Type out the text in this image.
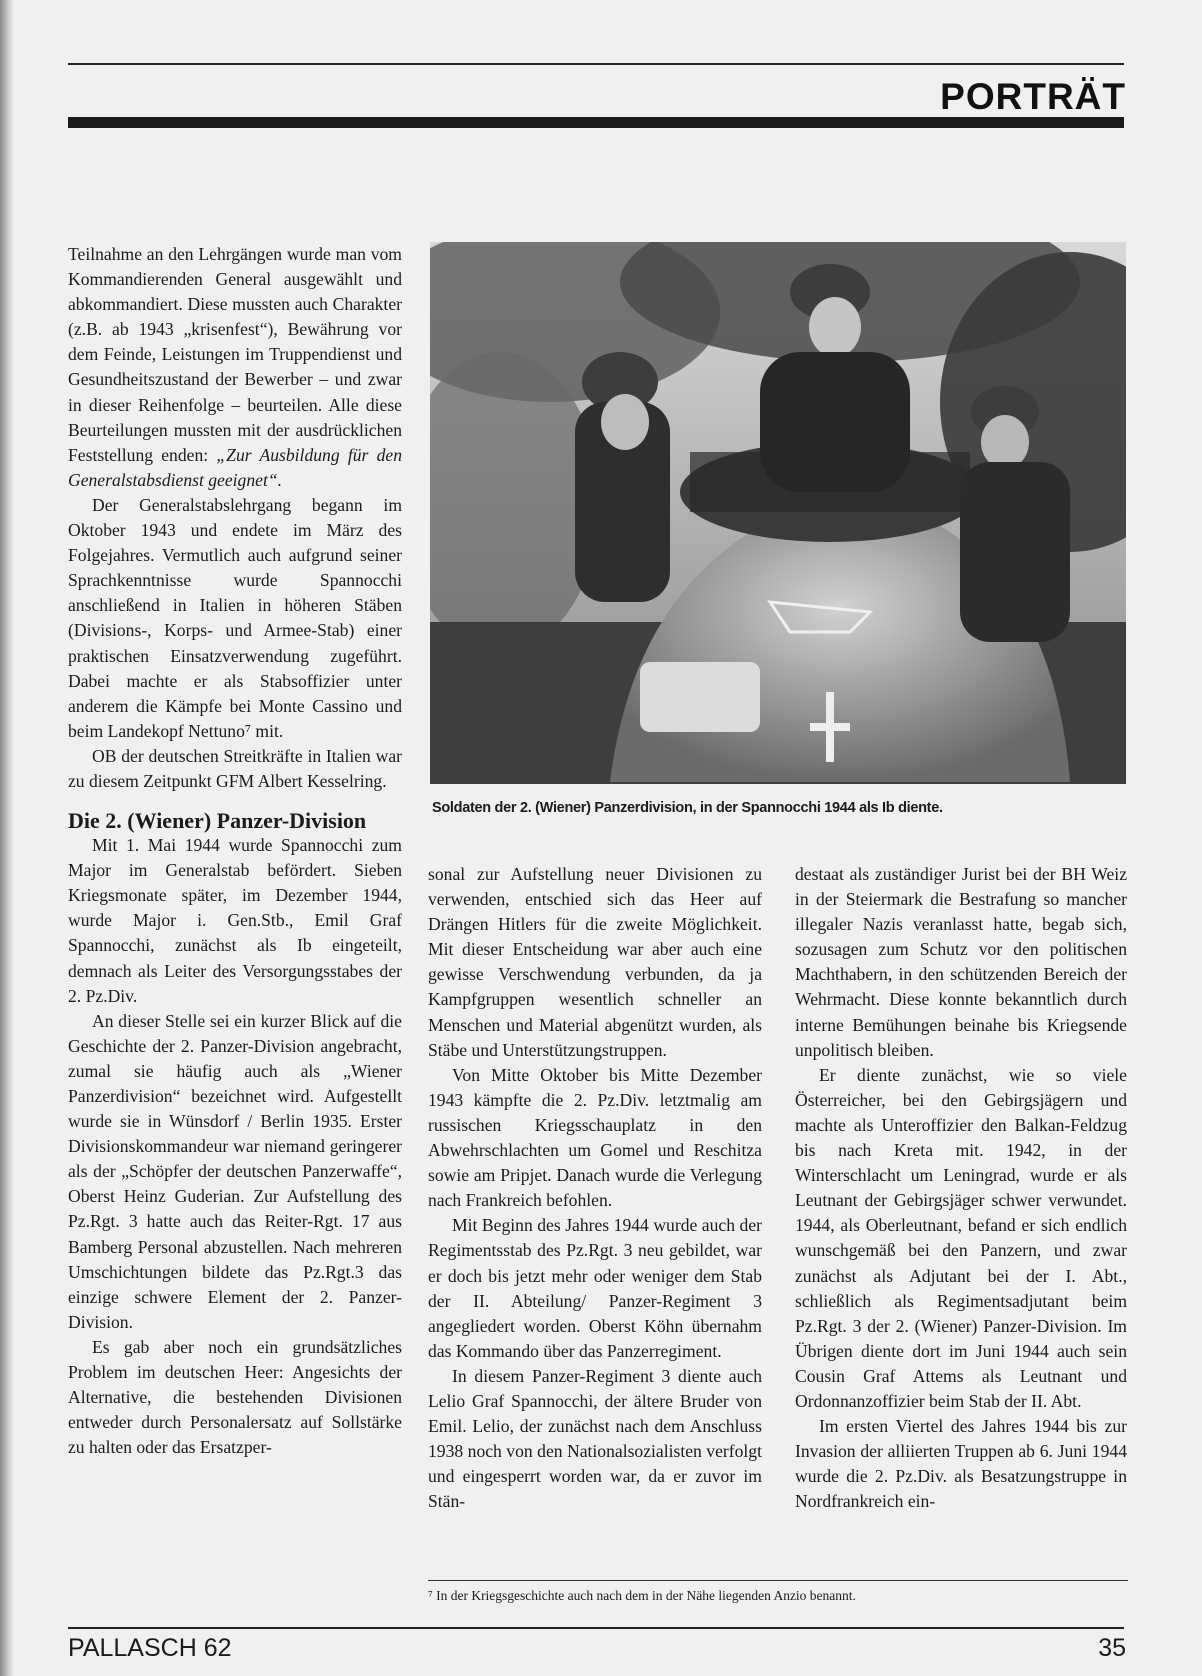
PORTRÄT

Teilnahme an den Lehrgängen wurde man vom Kommandierenden General ausgewählt und abkommandiert. Diese mussten auch Charakter (z.B. ab 1943 „krisenfest“), Bewährung vor dem Feinde, Leistungen im Truppendienst und Gesundheitszustand der Bewerber – und zwar in dieser Reihenfolge – beurteilen. Alle diese Beurteilungen mussten mit der ausdrücklichen Feststellung enden: „Zur Ausbildung für den Generalstabsdienst geeignet“.

Der Generalstabslehrgang begann im Oktober 1943 und endete im März des Folgejahres. Vermutlich auch aufgrund seiner Sprachkenntnisse wurde Spannocchi anschließend in Italien in höheren Stäben (Divisions-, Korps- und Armee-Stab) einer praktischen Einsatzverwendung zugeführt. Dabei machte er als Stabsoffizier unter anderem die Kämpfe bei Monte Cassino und beim Landekopf Nettuno⁷ mit.

OB der deutschen Streitkräfte in Italien war zu diesem Zeitpunkt GFM Albert Kesselring.

Die 2. (Wiener) Panzer-Division

Mit 1. Mai 1944 wurde Spannocchi zum Major im Generalstab befördert. Sieben Kriegsmonate später, im Dezember 1944, wurde Major i. Gen.Stb., Emil Graf Spannocchi, zunächst als Ib eingeteilt, demnach als Leiter des Versorgungsstabes der 2. Pz.Div.

An dieser Stelle sei ein kurzer Blick auf die Geschichte der 2. Panzer-Division angebracht, zumal sie häufig auch als „Wiener Panzerdivision“ bezeichnet wird. Aufgestellt wurde sie in Wünsdorf / Berlin 1935. Erster Divisionskommandeur war niemand geringerer als der „Schöpfer der deutschen Panzerwaffe“, Oberst Heinz Guderian. Zur Aufstellung des Pz.Rgt. 3 hatte auch das Reiter-Rgt. 17 aus Bamberg Personal abzustellen. Nach mehreren Umschichtungen bildete das Pz.Rgt.3 das einzige schwere Element der 2. Panzer-Division.

Es gab aber noch ein grundsätzliches Problem im deutschen Heer: Angesichts der Alternative, die bestehenden Divisionen entweder durch Personalersatz auf Sollstärke zu halten oder das Ersatzper-

Soldaten der 2. (Wiener) Panzerdivision, in der Spannocchi 1944 als Ib diente.

sonal zur Aufstellung neuer Divisionen zu verwenden, entschied sich das Heer auf Drängen Hitlers für die zweite Möglichkeit. Mit dieser Entscheidung war aber auch eine gewisse Verschwendung verbunden, da ja Kampfgruppen wesentlich schneller an Menschen und Material abgenützt wurden, als Stäbe und Unterstützungstruppen.

Von Mitte Oktober bis Mitte Dezember 1943 kämpfte die 2. Pz.Div. letztmalig am russischen Kriegsschauplatz in den Abwehrschlachten um Gomel und Reschitza sowie am Pripjet. Danach wurde die Verlegung nach Frankreich befohlen.

Mit Beginn des Jahres 1944 wurde auch der Regimentsstab des Pz.Rgt. 3 neu gebildet, war er doch bis jetzt mehr oder weniger dem Stab der II. Abteilung/ Panzer-Regiment 3 angegliedert worden. Oberst Köhn übernahm das Kommando über das Panzerregiment.

In diesem Panzer-Regiment 3 diente auch Lelio Graf Spannocchi, der ältere Bruder von Emil. Lelio, der zunächst nach dem Anschluss 1938 noch von den Nationalsozialisten verfolgt und eingesperrt worden war, da er zuvor im Stän-

destaat als zuständiger Jurist bei der BH Weiz in der Steiermark die Bestrafung so mancher illegaler Nazis veranlasst hatte, begab sich, sozusagen zum Schutz vor den politischen Machthabern, in den schützenden Bereich der Wehrmacht. Diese konnte bekanntlich durch interne Bemühungen beinahe bis Kriegsende unpolitisch bleiben.

Er diente zunächst, wie so viele Österreicher, bei den Gebirgsjägern und machte als Unteroffizier den Balkan-Feldzug bis nach Kreta mit. 1942, in der Winterschlacht um Leningrad, wurde er als Leutnant der Gebirgsjäger schwer verwundet. 1944, als Oberleutnant, befand er sich endlich wunschgemäß bei den Panzern, und zwar zunächst als Adjutant bei der I. Abt., schließlich als Regimentsadjutant beim Pz.Rgt. 3 der 2. (Wiener) Panzer-Division. Im Übrigen diente dort im Juni 1944 auch sein Cousin Graf Attems als Leutnant und Ordonnanzoffizier beim Stab der II. Abt.

Im ersten Viertel des Jahres 1944 bis zur Invasion der alliierten Truppen ab 6. Juni 1944 wurde die 2. Pz.Div. als Besatzungstruppe in Nordfrankreich ein-

⁷ In der Kriegsgeschichte auch nach dem in der Nähe liegenden Anzio benannt.
PALLASCH 62	35
